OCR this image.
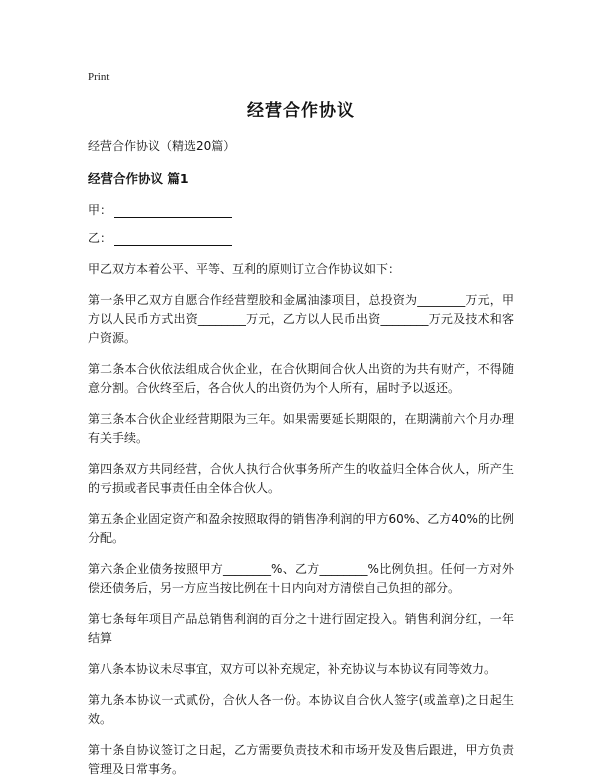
Print
经营合作协议
经营合作协议（精选20篇）
经营合作协议 篇1
甲：
乙：

甲乙双方本着公平、平等、互利的原则订立合作协议如下：

第一条甲乙双方自愿合作经营塑胶和金属油漆项目，总投资为________万元，甲方以人民币方式出资________万元，乙方以人民币出资________万元及技术和客户资源。

第二条本合伙依法组成合伙企业，在合伙期间合伙人出资的为共有财产，不得随意分割。合伙终至后，各合伙人的出资仍为个人所有，届时予以返还。

第三条本合伙企业经营期限为三年。如果需要延长期限的，在期满前六个月办理有关手续。

第四条双方共同经营，合伙人执行合伙事务所产生的收益归全体合伙人，所产生的亏损或者民事责任由全体合伙人。

第五条企业固定资产和盈余按照取得的销售净利润的甲方60%、乙方40%的比例分配。

第六条企业债务按照甲方________%、乙方________%比例负担。任何一方对外偿还债务后，另一方应当按比例在十日内向对方清偿自己负担的部分。

第七条每年项目产品总销售利润的百分之十进行固定投入。销售利润分红，一年结算

第八条本协议未尽事宜，双方可以补充规定，补充协议与本协议有同等效力。

第九条本协议一式贰份，合伙人各一份。本协议自合伙人签字(或盖章)之日起生效。

第十条自协议签订之日起，乙方需要负责技术和市场开发及售后跟进，甲方负责管理及日常事务。
